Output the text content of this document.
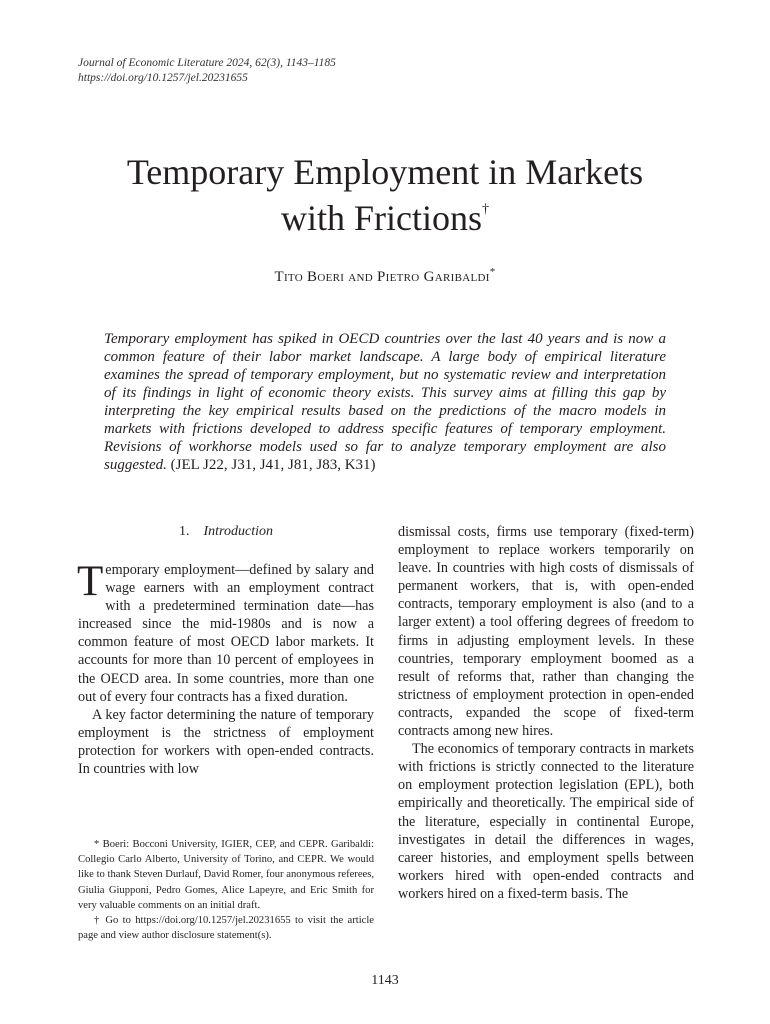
Journal of Economic Literature 2024, 62(3), 1143–1185
https://doi.org/10.1257/jel.20231655
Temporary Employment in Markets
with Frictions†
Tito Boeri and Pietro Garibaldi*
Temporary employment has spiked in OECD countries over the last 40 years and is now a common feature of their labor market landscape. A large body of empirical literature examines the spread of temporary employment, but no systematic review and interpretation of its findings in light of economic theory exists. This survey aims at filling this gap by interpreting the key empirical results based on the predictions of the macro models in markets with frictions developed to address specific features of temporary employment. Revisions of workhorse models used so far to analyze temporary employment are also suggested. (JEL J22, J31, J41, J81, J83, K31)
1. Introduction

Temporary employment—defined by salary and wage earners with an employment contract with a predetermined termination date—has increased since the mid-1980s and is now a common feature of most OECD labor markets. It accounts for more than 10 percent of employees in the OECD area. In some countries, more than one out of every four contracts has a fixed duration.

A key factor determining the nature of temporary employment is the strictness of employment protection for workers with open-ended contracts. In countries with low

* Boeri: Bocconi University, IGIER, CEP, and CEPR. Garibaldi: Collegio Carlo Alberto, University of Torino, and CEPR. We would like to thank Steven Durlauf, David Romer, four anonymous referees, Giulia Giupponi, Pedro Gomes, Alice Lapeyre, and Eric Smith for very valuable comments on an initial draft.

† Go to https://doi.org/10.1257/jel.20231655 to visit the article page and view author disclosure statement(s).

dismissal costs, firms use temporary (fixed-term) employment to replace workers temporarily on leave. In countries with high costs of dismissals of permanent workers, that is, with open-ended contracts, temporary employment is also (and to a larger extent) a tool offering degrees of freedom to firms in adjusting employment levels. In these countries, temporary employment boomed as a result of reforms that, rather than changing the strictness of employment protection in open-ended contracts, expanded the scope of fixed-term contracts among new hires.

The economics of temporary contracts in markets with frictions is strictly connected to the literature on employment protection legislation (EPL), both empirically and theoretically. The empirical side of the literature, especially in continental Europe, investigates in detail the differences in wages, career histories, and employment spells between workers hired with open-ended contracts and workers hired on a fixed-term basis. The

1143
